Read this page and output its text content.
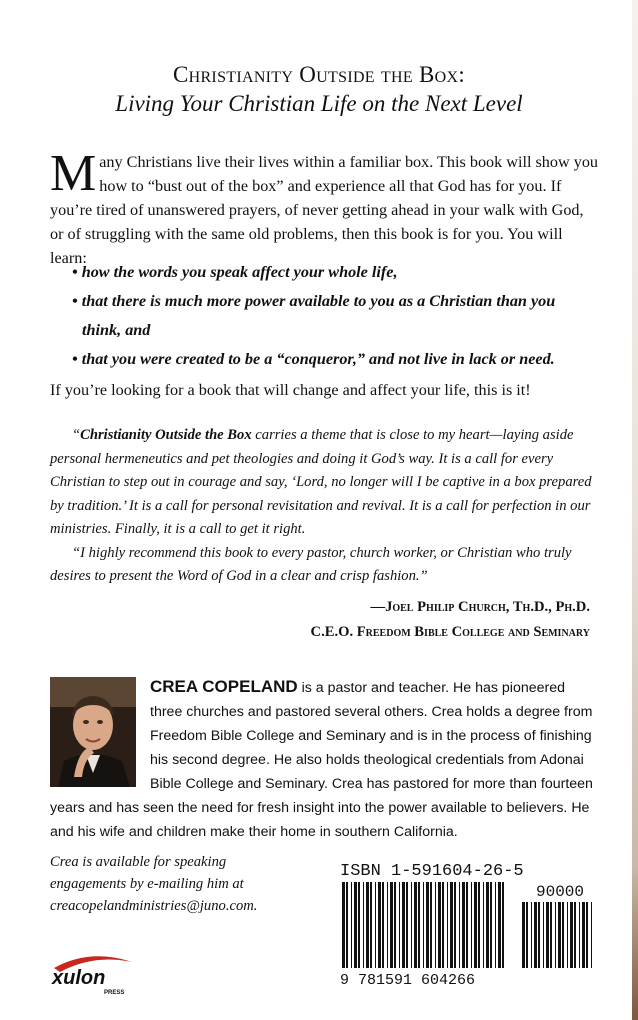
Christianity Outside the Box:
Living Your Christian Life on the Next Level

Many Christians live their lives within a familiar box. This book will show you how to “bust out of the box” and experience all that God has for you. If you’re tired of unanswered prayers, of never getting ahead in your walk with God, or of struggling with the same old problems, then this book is for you. You will learn:

• how the words you speak affect your whole life,
• that there is much more power available to you as a Christian than you think, and
• that you were created to be a “conqueror,” and not live in lack or need.

If you’re looking for a book that will change and affect your life, this is it!

“Christianity Outside the Box carries a theme that is close to my heart—laying aside personal hermeneutics and pet theologies and doing it God’s way. It is a call for every Christian to step out in courage and say, ‘Lord, no longer will I be captive in a box prepared by tradition.’ It is a call for personal revisitation and revival. It is a call for perfection in our ministries. Finally, it is a call to get it right.

“I highly recommend this book to every pastor, church worker, or Christian who truly desires to present the Word of God in a clear and crisp fashion.”

—Joel Philip Church, Th.D., Ph.D.
C.E.O. Freedom Bible College and Seminary

CREA COPELAND is a pastor and teacher. He has pioneered three churches and pastored several others. Crea holds a degree from Freedom Bible College and Seminary and is in the process of finishing his second degree. He also holds theological credentials from Adonai Bible College and Seminary. Crea has pastored for more than fourteen years and has seen the need for fresh insight into the power available to believers. He and his wife and children make their home in southern California.

Crea is available for speaking engagements by e-mailing him at creacopelandministries@juno.com.

ISBN 1-591604-26-5
90000
9 781591 604266
xulon
PRESS
